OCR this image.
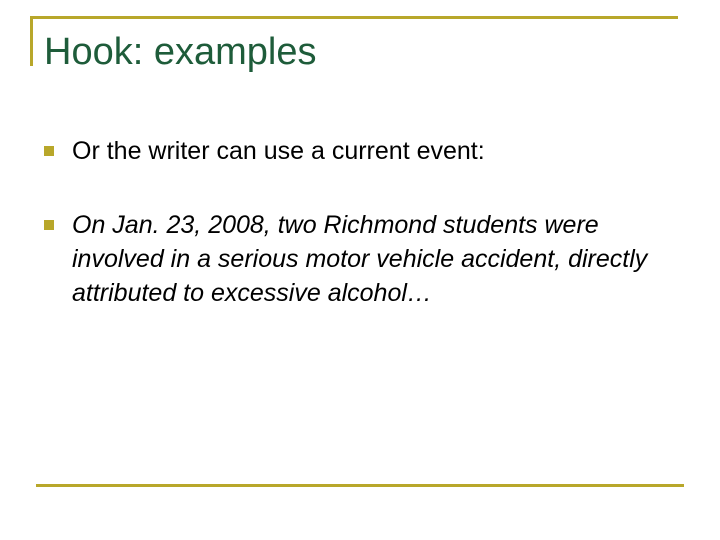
Hook: examples
Or the writer can use a current event:
On Jan. 23, 2008, two Richmond students were involved in a serious motor vehicle accident, directly attributed to excessive alcohol…
